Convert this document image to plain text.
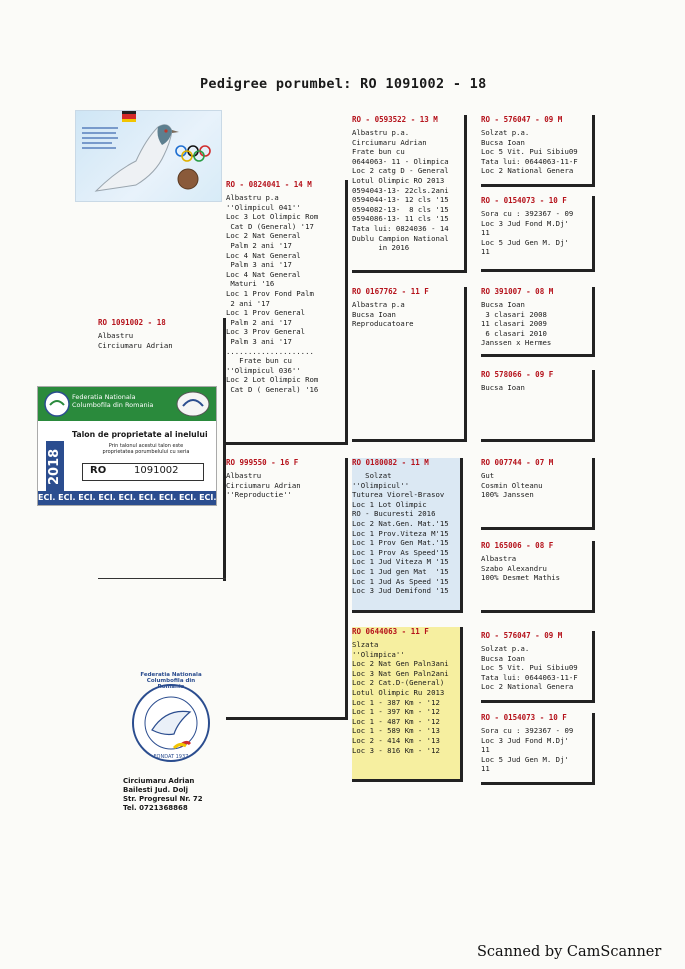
Pedigree porumbel: RO 1091002 - 18
RO 1091002 - 18
Albastru
Circiumaru Adrian
RO - 0824041 - 14 M
Albastru p.a
''Olimpicul 041''
Loc 3 Lot Olimpic Rom
Cat D (General) '17
Loc 2 Nat General
Palm 2 ani '17
Loc 4 Nat General
Palm 3 ani '17
Loc 4 Nat General
Maturi '16
Loc 1 Prov Fond Palm
2 ani '17
Loc 1 Prov General
Palm 2 ani '17
Loc 3 Prov General
Palm 3 ani '17
....................
Frate bun cu
''Olimpicul 036''
Loc 2 Lot Olimpic Rom
Cat D ( General) '16
RO 999550 - 16 F
Albastru
Circiumaru Adrian
''Reproductie''
RO - 0593522 - 13 M
Albastru p.a.
Circiumaru Adrian
Frate bun cu
0644063- 11 - Olimpica
Loc 2 catg D - General
Lotul Olimpic RO 2013
0594043-13- 22cls.2ani
0594044-13- 12 cls '15
0594082-13-  8 cls '15
0594086-13- 11 cls '15
Tata lui: 0824036 - 14
Dublu Campion National
in 2016
RO 0167762 - 11 F
Albastra p.a
Bucsa Ioan
Reproducatoare
RO 0180082 - 11 M
Solzat
''Olimpicul''
Tuturea Viorel-Brasov
Loc 1 Lot Olimpic
RO - Bucuresti 2016
Loc 2 Nat.Gen. Mat.'15
Loc 1 Prov.Viteza M'15
Loc 1 Prov Gen Mat.'15
Loc 1 Prov As Speed'15
Loc 1 Jud Viteza M '15
Loc 1 Jud gen Mat  '15
Loc 1 Jud As Speed '15
Loc 3 Jud Demifond '15
RO 0644063 - 11 F
Slzata
''Olimpica''
Loc 2 Nat Gen Paln3ani
Loc 3 Nat Gen Paln2ani
Loc 2 Cat.D-(General)
Lotul Olimpic Ru 2013
Loc 1 - 387 Km - '12
Loc 1 - 397 Km - '12
Loc 1 - 487 Km - '12
Loc 1 - 589 Km - '13
Loc 2 - 414 Km - '13
Loc 3 - 816 Km - '12
RO - 576047 - 09 M
Solzat p.a.
Bucsa Ioan
Loc 5 Vit. Pui Sibiu09
Tata lui: 0644063-11-F
Loc 2 National Genera
RO - 0154073 - 10 F
Sora cu : 392367 - 09
Loc 3 Jud Fond M.Dj'
11
Loc 5 Jud Gen M. Dj'
11
RO 391007 - 08 M
Bucsa Ioan
3 clasari 2008
11 clasari 2009
6 clasari 2010
Janssen x Hermes
RO 578066 - 09 F
Bucsa Ioan
RO 007744 - 07 M
Gut
Cosmin Olteanu
100% Janssen
RO 165006 - 08 F
Albastra
Szabo Alexandru
100% Desmet Mathis
RO - 576047 - 09 M
Solzat p.a.
Bucsa Ioan
Loc 5 Vit. Pui Sibiu09
Tata lui: 0644063-11-F
Loc 2 National Genera
RO - 0154073 - 10 F
Sora cu : 392367 - 09
Loc 3 Jud Fond M.Dj'
11
Loc 5 Jud Gen M. Dj'
11
Federatia Nationala Columbofila din Romania
Talon de proprietate al inelului
Prin talonul acestui talon este proprietatea porumbelului cu seria
2018	RO	1091002
ECI. ECI. ECI. ECI. ECI. ECI. ECI. ECI. ECI.
Federatia Nationala Columbofila din Romania
FONDAT 1937
Circiumaru Adrian
Bailesti Jud. Dolj
Str. Progresul Nr. 72
Tel. 0721368868
Scanned by CamScanner
